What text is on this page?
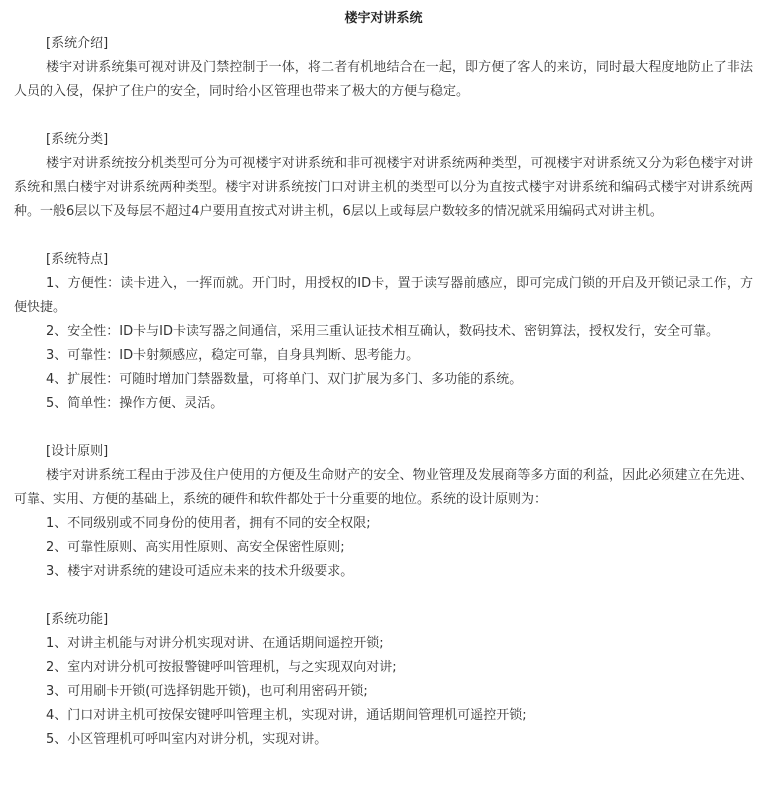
楼宇对讲系统

[系统介绍]

楼宇对讲系统集可视对讲及门禁控制于一体，将二者有机地结合在一起，即方便了客人的来访，同时最大程度地防止了非法人员的入侵，保护了住户的安全，同时给小区管理也带来了极大的方便与稳定。

[系统分类]

楼宇对讲系统按分机类型可分为可视楼宇对讲系统和非可视楼宇对讲系统两种类型，可视楼宇对讲系统又分为彩色楼宇对讲系统和黑白楼宇对讲系统两种类型。楼宇对讲系统按门口对讲主机的类型可以分为直按式楼宇对讲系统和编码式楼宇对讲系统两种。一般6层以下及每层不超过4户要用直按式对讲主机，6层以上或每层户数较多的情况就采用编码式对讲主机。

[系统特点]

1、方便性：读卡进入，一挥而就。开门时，用授权的ID卡，置于读写器前感应，即可完成门锁的开启及开锁记录工作，方便快捷。

2、安全性：ID卡与ID卡读写器之间通信，采用三重认证技术相互确认，数码技术、密钥算法，授权发行，安全可靠。

3、可靠性：ID卡射频感应，稳定可靠，自身具判断、思考能力。

4、扩展性：可随时增加门禁器数量，可将单门、双门扩展为多门、多功能的系统。

5、简单性：操作方便、灵活。

[设计原则]

楼宇对讲系统工程由于涉及住户使用的方便及生命财产的安全、物业管理及发展商等多方面的利益，因此必须建立在先进、可靠、实用、方便的基础上，系统的硬件和软件都处于十分重要的地位。系统的设计原则为：

1、不同级别或不同身份的使用者，拥有不同的安全权限;

2、可靠性原则、高实用性原则、高安全保密性原则;

3、楼宇对讲系统的建设可适应未来的技术升级要求。

[系统功能]

1、对讲主机能与对讲分机实现对讲、在通话期间遥控开锁;

2、室内对讲分机可按报警键呼叫管理机，与之实现双向对讲;

3、可用刷卡开锁(可选择钥匙开锁)，也可利用密码开锁;

4、门口对讲主机可按保安键呼叫管理主机，实现对讲，通话期间管理机可遥控开锁;

5、小区管理机可呼叫室内对讲分机，实现对讲。
